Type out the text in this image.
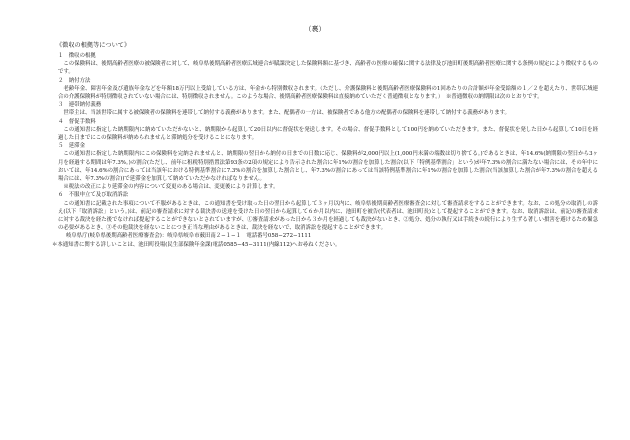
（裏）
《徴収の根拠等について》

１　徴収の根拠

この保険料は、後期高齢者医療の被保険者に対して、岐阜県後期高齢者医療広域連合が賦課決定した保険料額に基づき、高齢者の医療の確保に関する法律及び池田町後期高齢者医療に関する条例の規定により徴収するものです。

２　納付方法

老齢年金、障害年金及び遺族年金などを年額18万円以上受給している方は、年金から特別徴収されます。（ただし、介護保険料と後期高齢者医療保険料の1回あたりの合計額が年金受給額の１／２を超えたり、世帯広域連合の介護保険料が特別徴収されていない場合には、特別徴収されません。このような場合、後期高齢者医療保険料は直接納めていただく普通徴収となります。）　※普通徴収の納期限は次のとおりです。

３　連帯納付義務

世帯主は、当該世帯に属する被保険者の保険料を連帯して納付する義務があります。また、配偶者の一方は、被保険者である他方の配偶者の保険料を連帯して納付する義務があります。

４　督促手数料

この通知書に指定した納期限内に納めていただかないと、納期限から起算して20日以内に督促状を発送します。その場合、督促手数料として100円を納めていただきます。また、督促状を発した日から起算して10日を経過した日までにこの保険料が納められませんと滞納処分を受けることになります。

５　延滞金

この通知書に指定した納期限内にこの保険料を完納されませんと、納期限の翌日から納付の日までの日数に応じ、保険料が2,000円以上(1,000円未満の端数は切り捨てる。)であるときは、年14.6%(納期限の翌日から3ヶ月を経過する期間は年7.3%。)の割合(ただし、前年に租税特別措置法第93条の2項の規定により告示された割合に年1%の割合を加算した割合(以下「特例基準割合」という)が年7.3%の割合に満たない場合には、その年中においては、年14.6%の割合にあっては当該年における特例基準割合に7.3%の割合を加算した割合とし、年7.3%の割合にあっては当該特例基準割合に年1%の割合を加算した割合(当該加算した割合が年7.3%の割合を超える場合には、年7.3%の割合))で延滞金を加算して納めていただかなければなりません。

※税法の改正により延滞金の内容について変更のある場合は、変更後により計算します。

６　不服申立て及び取消訴訟

この通知書に記載された事項について不服があるときは、この通知書を受け取った日の翌日から起算して３ヶ月以内に、岐阜県後期高齢者医療審査会に対して審査請求をすることができます。なお、この処分の取消しの訴え(以下「取消訴訟」という。)は、前記の審査請求に対する裁決書の送達を受けた日の翌日から起算して６か月以内に、池田町を被告(代表者は、池田町長)として提起することができます。なお、取消訴訟は、前記の審査請求に対する裁決を経た後でなければ提起することができないとされていますが、①審査請求があった日から３か月を経過しても裁決がないとき、②処分、処分の執行又は手続きの続行により生ずる著しい損害を避けるため緊急の必要があるとき、③その他裁決を経ないことにつき正当な理由があるときは、裁決を経ないで、取消訴訟を提起することができます。

岐阜県庁(岐阜県後期高齢者医療審査会)：岐阜県岐阜市薮田南２−１−１　電話番号058−272−1111

＊本通知書に関する詳しいことは、池田町役場(民生部保険年金課)電話0585−45−3111(内線112)へお尋ねください。
